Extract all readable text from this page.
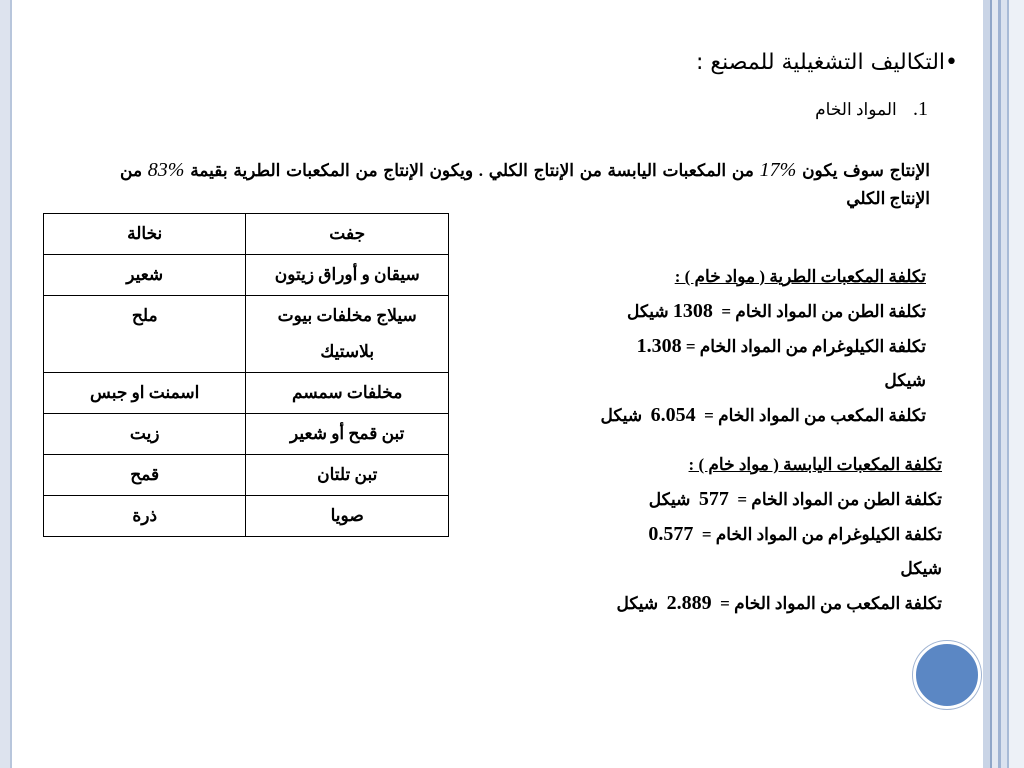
•التكاليف التشغيلية للمصنع :
.1 المواد الخام
الإنتاج سوف يكون 17% من المكعبات اليابسة من الإنتاج الكلي . ويكون الإنتاج من المكعبات الطرية بقيمة 83% من الإنتاج الكلي
جفت	نخالة
سيقان و أوراق زيتون	شعير
سيلاج مخلفات بيوت بلاستيك	ملح
مخلفات سمسم	اسمنت او جبس
تبن قمح أو شعير	زيت
تبن تلتان	قمح
صويا	ذرة
تكلفة المكعبات الطرية ( مواد خام ) :
تكلفة الطن من المواد الخام =  1308 شيكل
تكلفة الكيلوغرام من المواد الخام = 1.308
شيكل
تكلفة المكعب من المواد الخام =  6.054  شيكل
تكلفة المكعبات اليابسة ( مواد خام ) :
تكلفة الطن من المواد الخام =  577  شيكل
تكلفة الكيلوغرام من المواد الخام =  0.577
شيكل
تكلفة المكعب من المواد الخام =  2.889  شيكل
